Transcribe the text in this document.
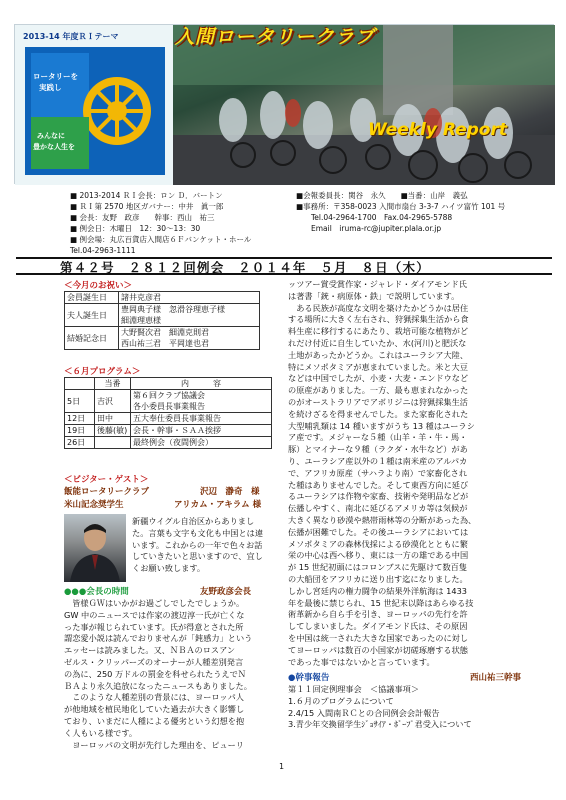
2013-14 年度ＲＩテーマ
ロータリーを
実践し
みんなに
豊かな人生を
入間ロータリークラブ
Weekly Report
■ 2013-2014 ＲＩ会長：ロン Ｄ．バートン
■ ＲＩ第 2570 地区ガバナー：中井　眞一郎
■ 会長：友野　政彦　　幹事：西山　祐三
■ 例会日：木曜日　12：30～13：30
■ 例会場：丸広百貨店入間店６Ｆバンケット・ホール
■会報委員長：関谷　永久　　■当番：山岸　義弘
■事務所：〒358-0023 入間市扇台 3-3-7 ハイツ富竹 101 号
　　Tel.04-2964-1700　Fax.04-2965-5788
　　Email　iruma-rc@jupiter.plala.or.jp
Tel.04-2963-1111
第４２号　２８１２回例会　２０１４年　５月　８日（木）
＜今月のお祝い＞
会員誕生日	諸井克彦君

夫人誕生日	豊岡典子様　忽滑谷理恵子様
細淵理恵様

結婚記念日	大野賢次君　細淵克則君
西山祐三君　平岡達也君
＜６月プログラム＞
	当番	内　　　容
5日	吉沢	第６回クラブ協議会
各小委員長事業報告

12日	田中	五大奉仕委員長事業報告

19日	後藤(敏)	会長・幹事・ＳＡＡ挨拶

26日		最終例会（夜間例会）
＜ビジター・ゲスト＞
飯能ロータリークラブ	沢辺　瀞奇　様
米山記念奨学生	アリカム・アキラム 様
新疆ウイグル自治区からありまし
た。言葉も文字も文化も中国とは違
います。これからの一年で色々お話
していきたいと思いますので、宜し
くお願い致します。
●●●会長の時間	友野政彦会長
　皆様ＧＷはいかがお過ごしでしたでしょうか。
GW 中のニュースでは作家の渡辺淳一氏が亡くな
った事が報じられています。氏が得意とされた所
謂恋愛小説は読んでおりませんが「鈍感力」という
エッセーは読みました。又、ＮＢＡのロスアン
ゼルス・クリッパーズのオーナーが人種差別発言
の為に、250 万ドルの罰金を科せられたうえでＮ
ＢＡより永久追放になったニュースもありました。
　このような人種差別の背景には、ヨーロッパ人
が他地域を植民地化していた過去が大きく影響し
ており、いまだに人種による優劣という幻想を抱
く人もいる様です。
　ヨーロッパの文明が先行した理由を、ピューリ
ッツアー賞受賞作家・ジャレド・ダイアモンド氏
は著書「銃・病原体・鉄」で説明しています。
　ある民族が高度な文明を築けたかどうかは居住
する場所に大きく左右され、狩猟採集生活から食
料生産に移行するにあたり、栽培可能な植物がど
れだけ付近に自生していたか、水(河川)と肥沃な
土地があったかどうか。これはユーラシア大陸、
特にメソポタミアが恵まれていました。米と大豆
などは中国でしたが、小麦・大麦・エンドウなど
の原産がありました。一方、最も恵まれなかった
のがオーストラリアでアボリジニは狩猟採集生活
を続けざるを得ませんでした。また家畜化された
大型哺乳類は 14 種いますがうち 13 種はユーラシ
ア産です。メジャーな５種（山羊・羊・牛・馬・
豚）とマイナーな９種（ラクダ・水牛など）があ
り、ユーラシア産以外の１種は南米産のアルパカ
で、アフリカ原産（サハラより南）で家畜化され
た種はありませんでした。そして東西方向に延び
るユーラシアは作物や家畜、技術や発明品などが
伝播しやすく、南北に延びるアメリカ等は気候が
大きく異なり砂漠や熱帯雨林等の分断があった為、
伝播が困難でした。その後ユーラシアにおいては
メソポタミアの森林伐採による砂漠化とともに繁
栄の中心は西へ移り、東には一方の雄である中国
が 15 世紀初頭にはコロンブスに先駆けて数百隻
の大船団をアフリカに送り出す迄になりました。
しかし宮廷内の権力闘争の結果外洋航海は 1433
年を最後に禁じられ、15 世紀末以降はあらゆる技
術革新から自ら手を引き、ヨーロッパの先行を許
してしまいました。ダイアモンド氏は、その原因
を中国は統一された大きな国家であったのに対し
てヨーロッパは数百の小国家が切磋琢磨する状態
であった事ではないかと言っています。
●幹事報告	西山祐三幹事
第１１回定例理事会　＜協議事項＞
1.６月のプログラムについて
2.4/15 入間南ＲＣとの合同例会会計報告
3.青少年交換留学生ｼﾞｮｻｲｱ・ﾎﾞｰﾌﾟ君受入について
1
